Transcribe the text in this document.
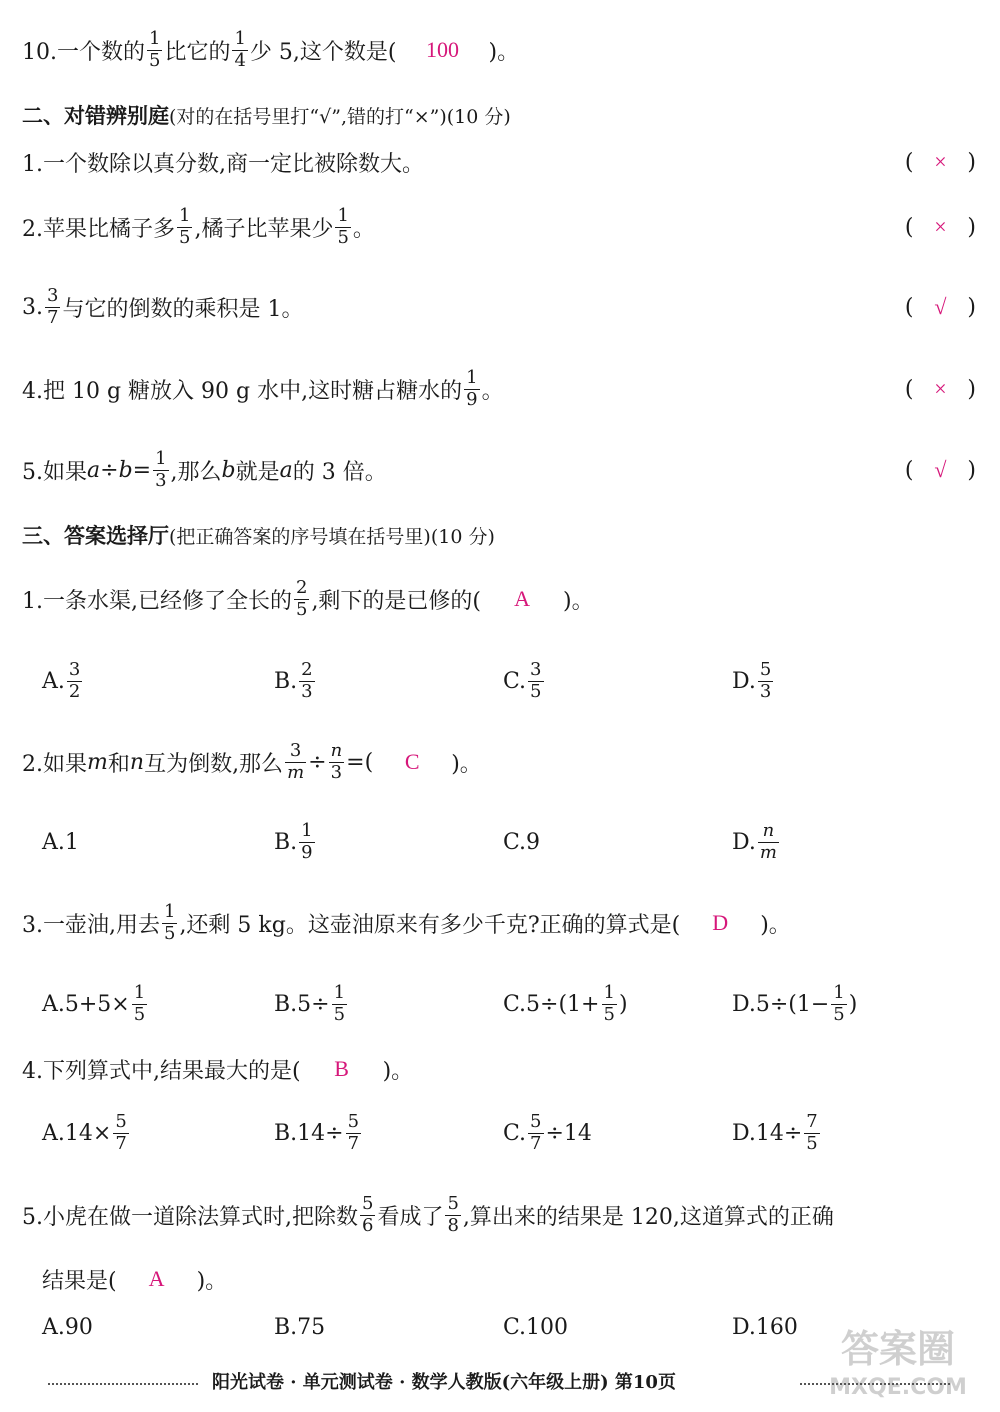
10.一个数的 $\frac{1}{5}$ 比它的 $\frac{1}{4}$ 少 5,这个数是(	100	)。
二、对错辨别庭 (对的在括号里打“√”,错的打“×”)(10 分)
1.一个数除以真分数,商一定比被除数大。	( × )
2.苹果比橘子多 $\frac{1}{5}$ ,橘子比苹果少 $\frac{1}{5}$ 。	( × )
3. $\frac{3}{7}$ 与它的倒数的乘积是 1。	( √ )
4.把 10 g 糖放入 90 g 水中,这时糖占糖水的 $\frac{1}{9}$ 。	( × )
5.如果 $a \div b = \frac{1}{3}$ ,那么 b 就是 a 的 3 倍。	( √ )
三、答案选择厅 (把正确答案的序号填在括号里)(10 分)
1.一条水渠,已经修了全长的 $\frac{2}{5}$ ,剩下的是已修的(	A	)。
A. $\frac{3}{2}$	B. $\frac{2}{3}$	C. $\frac{3}{5}$	D. $\frac{5}{3}$
2.如果 m 和 n 互为倒数,那么 $\frac{3}{m} \div \frac{n}{3}$ =(	C	)。
A.1	B. $\frac{1}{9}$	C.9	D. $\frac{n}{m}$
3.一壶油,用去 $\frac{1}{5}$ ,还剩 5 kg。这壶油原来有多少千克?正确的算式是(	D	)。
$A.5+5\times \frac{1}{5}$	$B.5\div \frac{1}{5}$	$C.5\div(1+ \frac{1}{5}$ )	$D.5\div(1- \frac{1}{5}$ )
4.下列算式中,结果最大的是(	B	)。
$A.14\times \frac{5}{7}$	$B.14\div \frac{5}{7}$	C. $\frac{5}{7} \div 14$	$D.14\div \frac{7}{5}$
5.小虎在做一道除法算式时,把除数 $\frac{5}{6}$ 看成了 $\frac{5}{8}$ ,算出来的结果是 120,这道算式的正确
结果是(	A	)。
A.90	B.75	C.100	D.160 答案圈
MXQE.COM
阳光试卷 · 单元测试卷 · 数学人教版(六年级上册) 第10页
